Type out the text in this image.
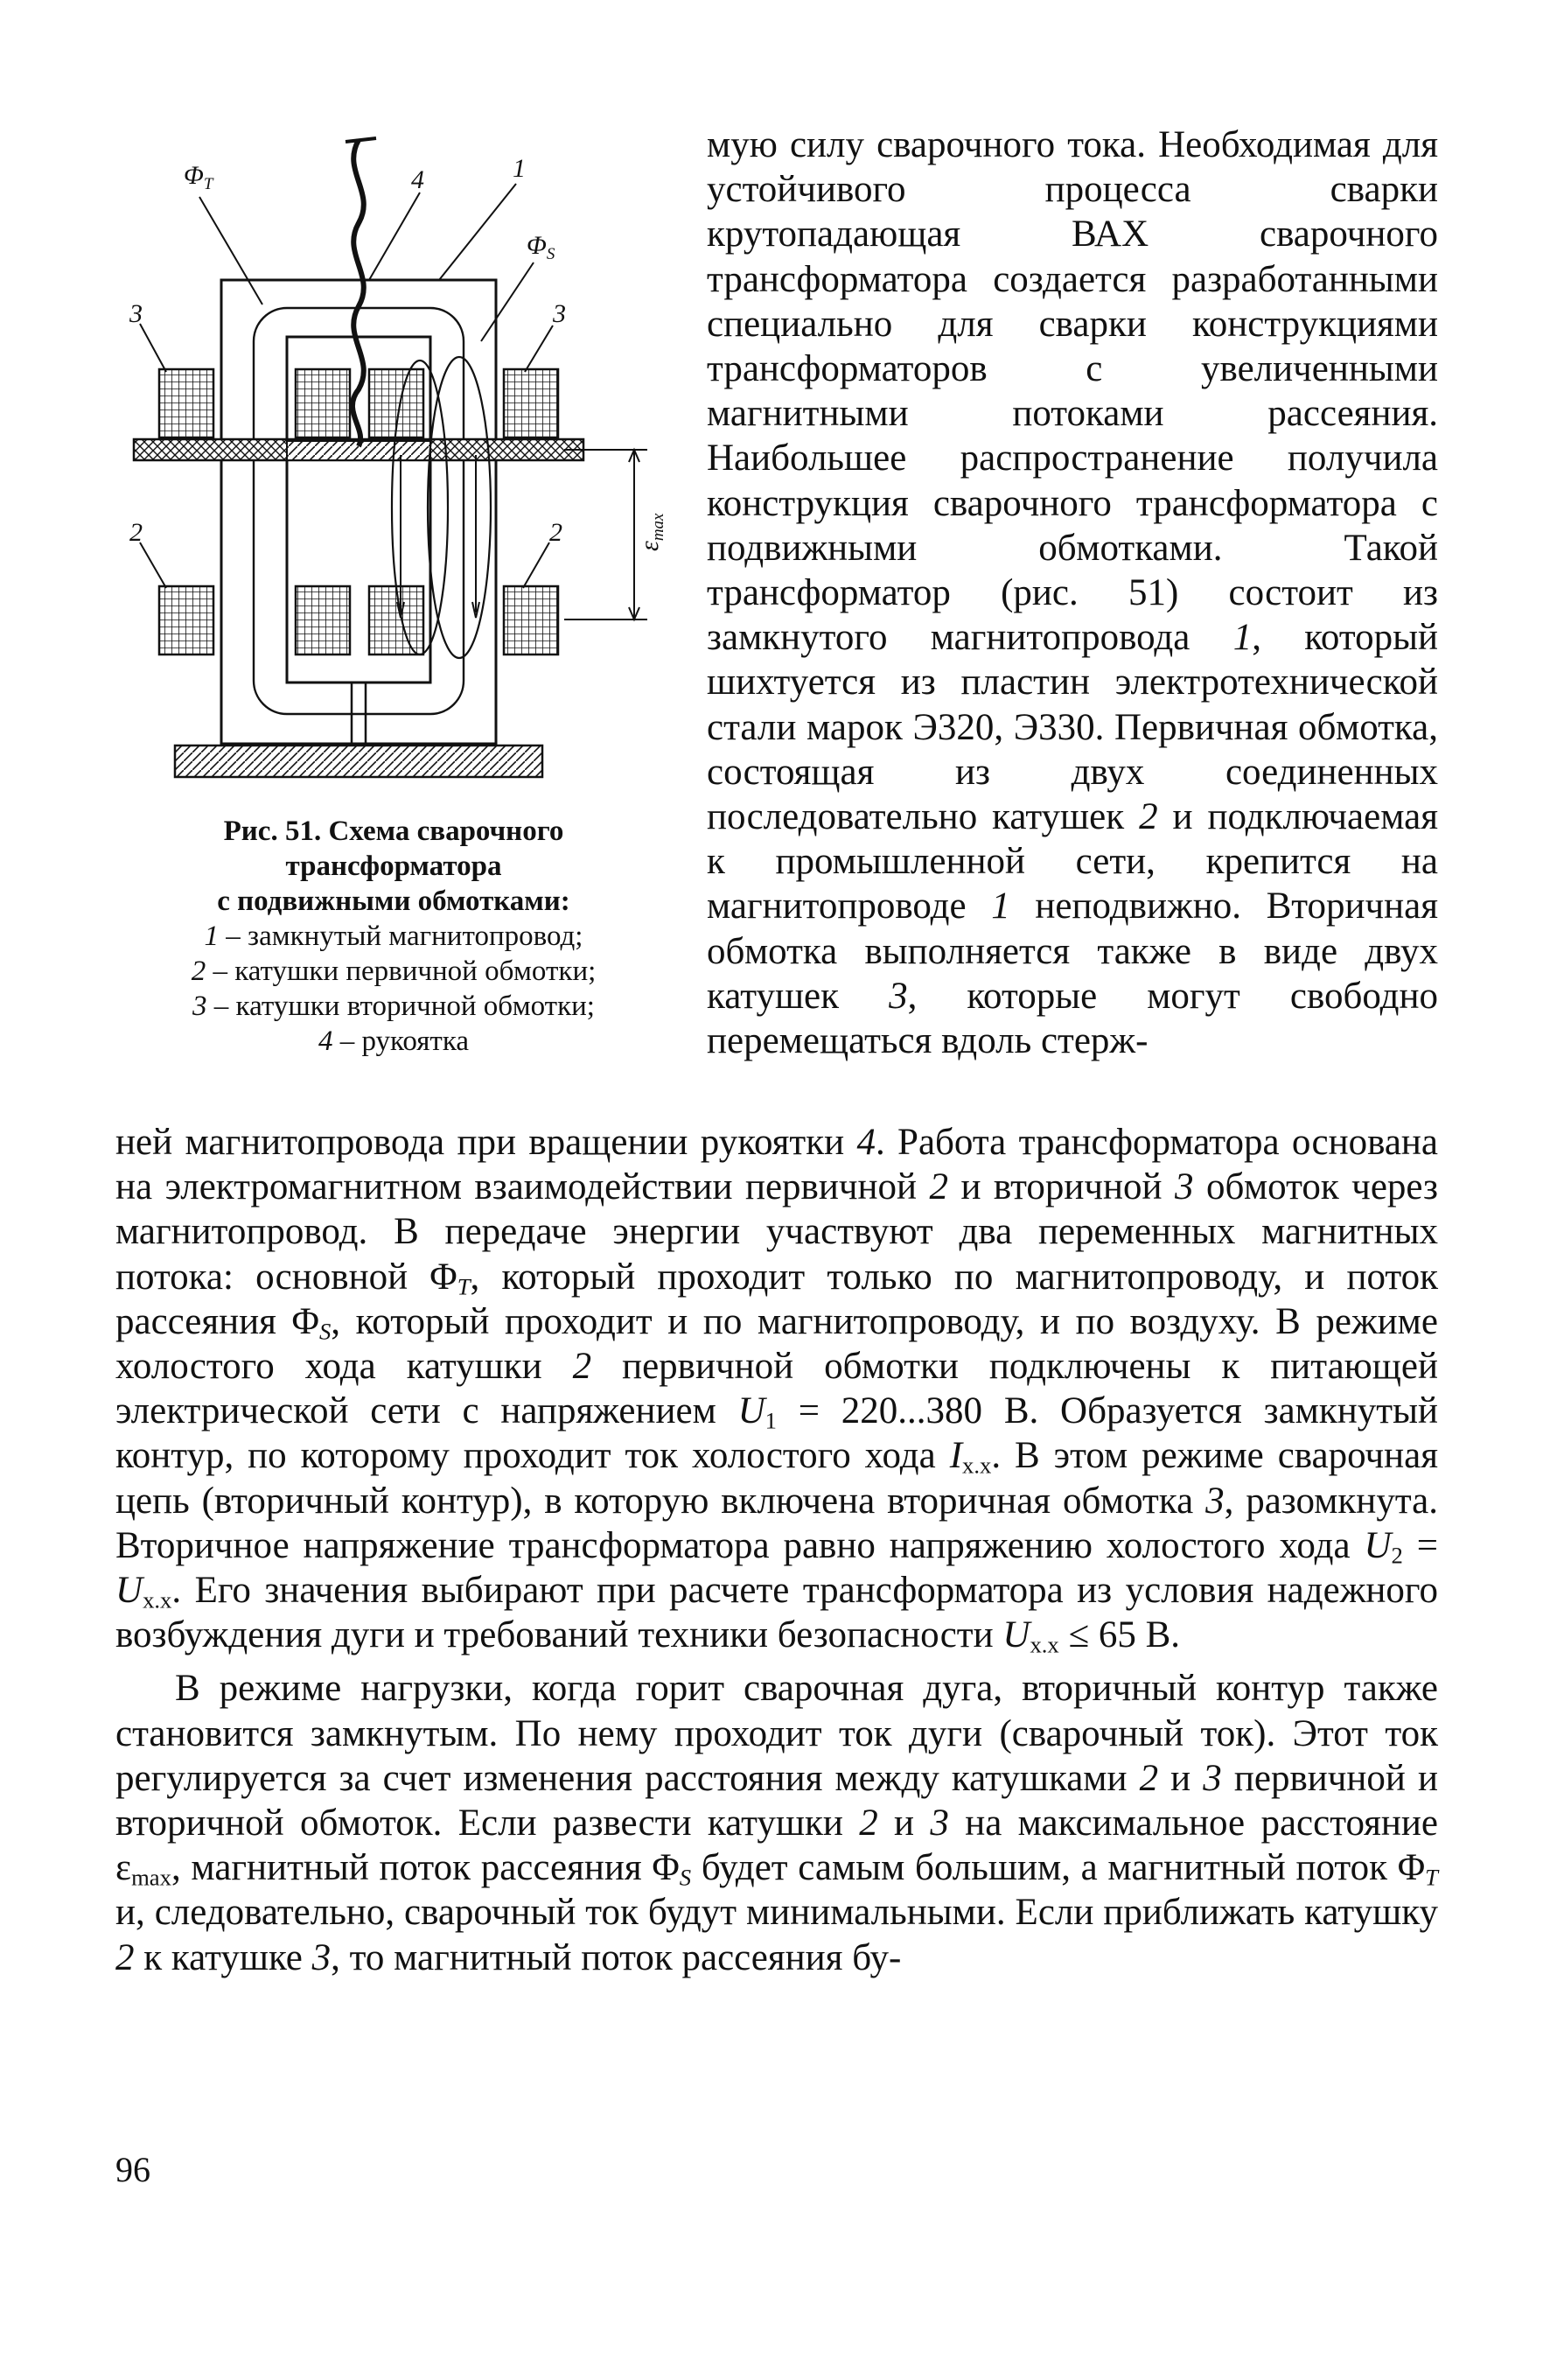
$\Phi_T$	4	1
$\Phi_S$
3	3
2	2	$\varepsilon_{max}$
Рис. 51. Схема сварочного
трансформатора
с подвижными обмотками:
1 – замкнутый магнитопровод;
2 – катушки первичной обмотки;
3 – катушки вторичной обмотки;
4 – рукоятка

мую силу сварочного тока. Необходимая для устойчивого процесса сварки крутопадающая ВАХ сварочного трансформатора создается разработанными специально для сварки конструкциями трансформаторов с увеличенными магнитными потоками рассеяния. Наибольшее распространение получила конструкция сварочного трансформатора с подвижными обмотками. Такой трансформатор (рис. 51) состоит из замкнутого магнитопровода 1, который шихтуется из пластин электротехнической стали марок Э320, Э330. Первичная обмотка, состоящая из двух соединенных последовательно катушек 2 и подключаемая к промышленной сети, крепится на магнитопроводе 1 неподвижно. Вторичная обмотка выполняется также в виде двух катушек 3, которые могут свободно перемещаться вдоль стерж-

ней магнитопровода при вращении рукоятки 4. Работа трансформатора основана на электромагнитном взаимодействии первичной 2 и вторичной 3 обмоток через магнитопровод. В передаче энергии участвуют два переменных магнитных потока: основной $\Phi_T$, который проходит только по магнитопроводу, и поток рассеяния $\Phi_S$, который проходит и по магнитопроводу, и по воздуху. В режиме холостого хода катушки 2 первичной обмотки подключены к питающей электрической сети с напряжением $U_1 = 220...380$ В. Образуется замкнутый контур, по которому проходит ток холостого хода $I_{х.х}$. В этом режиме сварочная цепь (вторичный контур), в которую включена вторичная обмотка 3, разомкнута. Вторичное напряжение трансформатора равно напряжению холостого хода $U_2 = U_{х.х}$. Его значения выбирают при расчете трансформатора из условия надежного возбуждения дуги и требований техники безопасности $U_{х.х} \le 65$ В.

В режиме нагрузки, когда горит сварочная дуга, вторичный контур также становится замкнутым. По нему проходит ток дуги (сварочный ток). Этот ток регулируется за счет изменения расстояния между катушками 2 и 3 первичной и вторичной обмоток. Если развести катушки 2 и 3 на максимальное расстояние $\varepsilon_{max}$, магнитный поток рассеяния $\Phi_S$ будет самым большим, а магнитный поток $\Phi_T$ и, следовательно, сварочный ток будут минимальными. Если приближать катушку 2 к катушке 3, то магнитный поток рассеяния бу-

96
